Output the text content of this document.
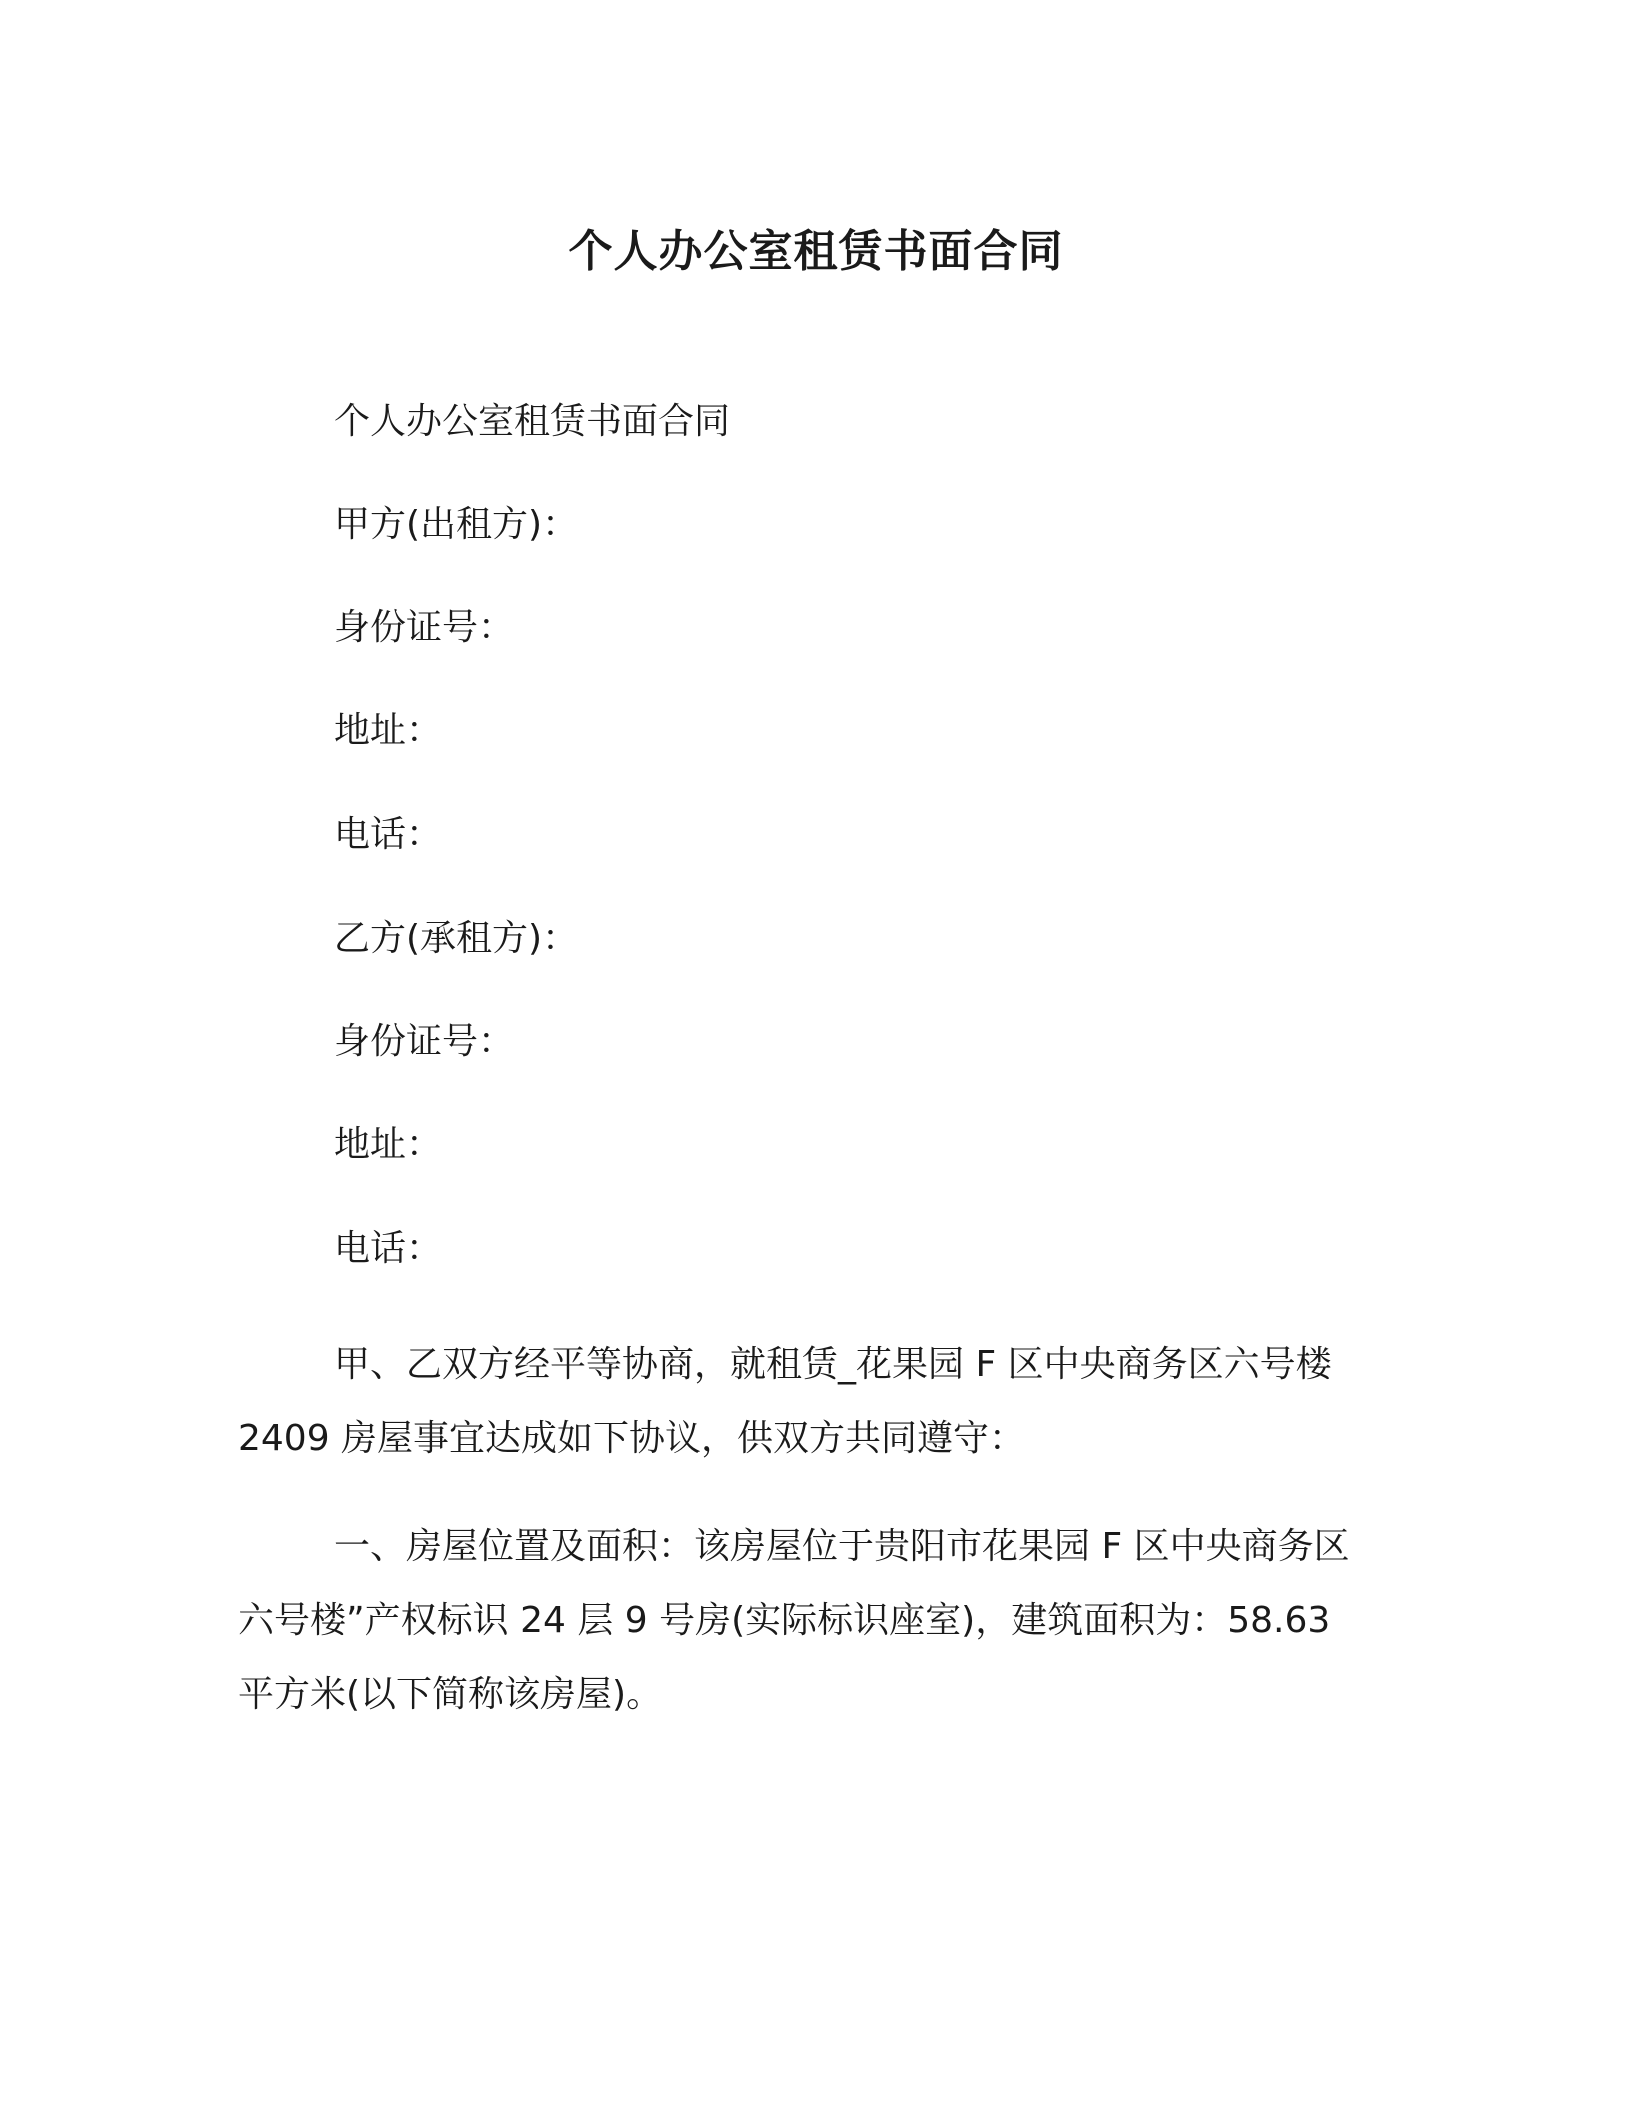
个人办公室租赁书面合同

个人办公室租赁书面合同

甲方(出租方)：

身份证号：

地址：

电话：

乙方(承租方)：

身份证号：

地址：

电话：

甲、乙双方经平等协商，就租赁_花果园 F 区中央商务区六号楼
2409 房屋事宜达成如下协议，供双方共同遵守：
一、房屋位置及面积：该房屋位于贵阳市花果园 F 区中央商务区
六号楼”产权标识 24 层 9 号房(实际标识座室)，建筑面积为：58.63
平方米(以下简称该房屋)。
